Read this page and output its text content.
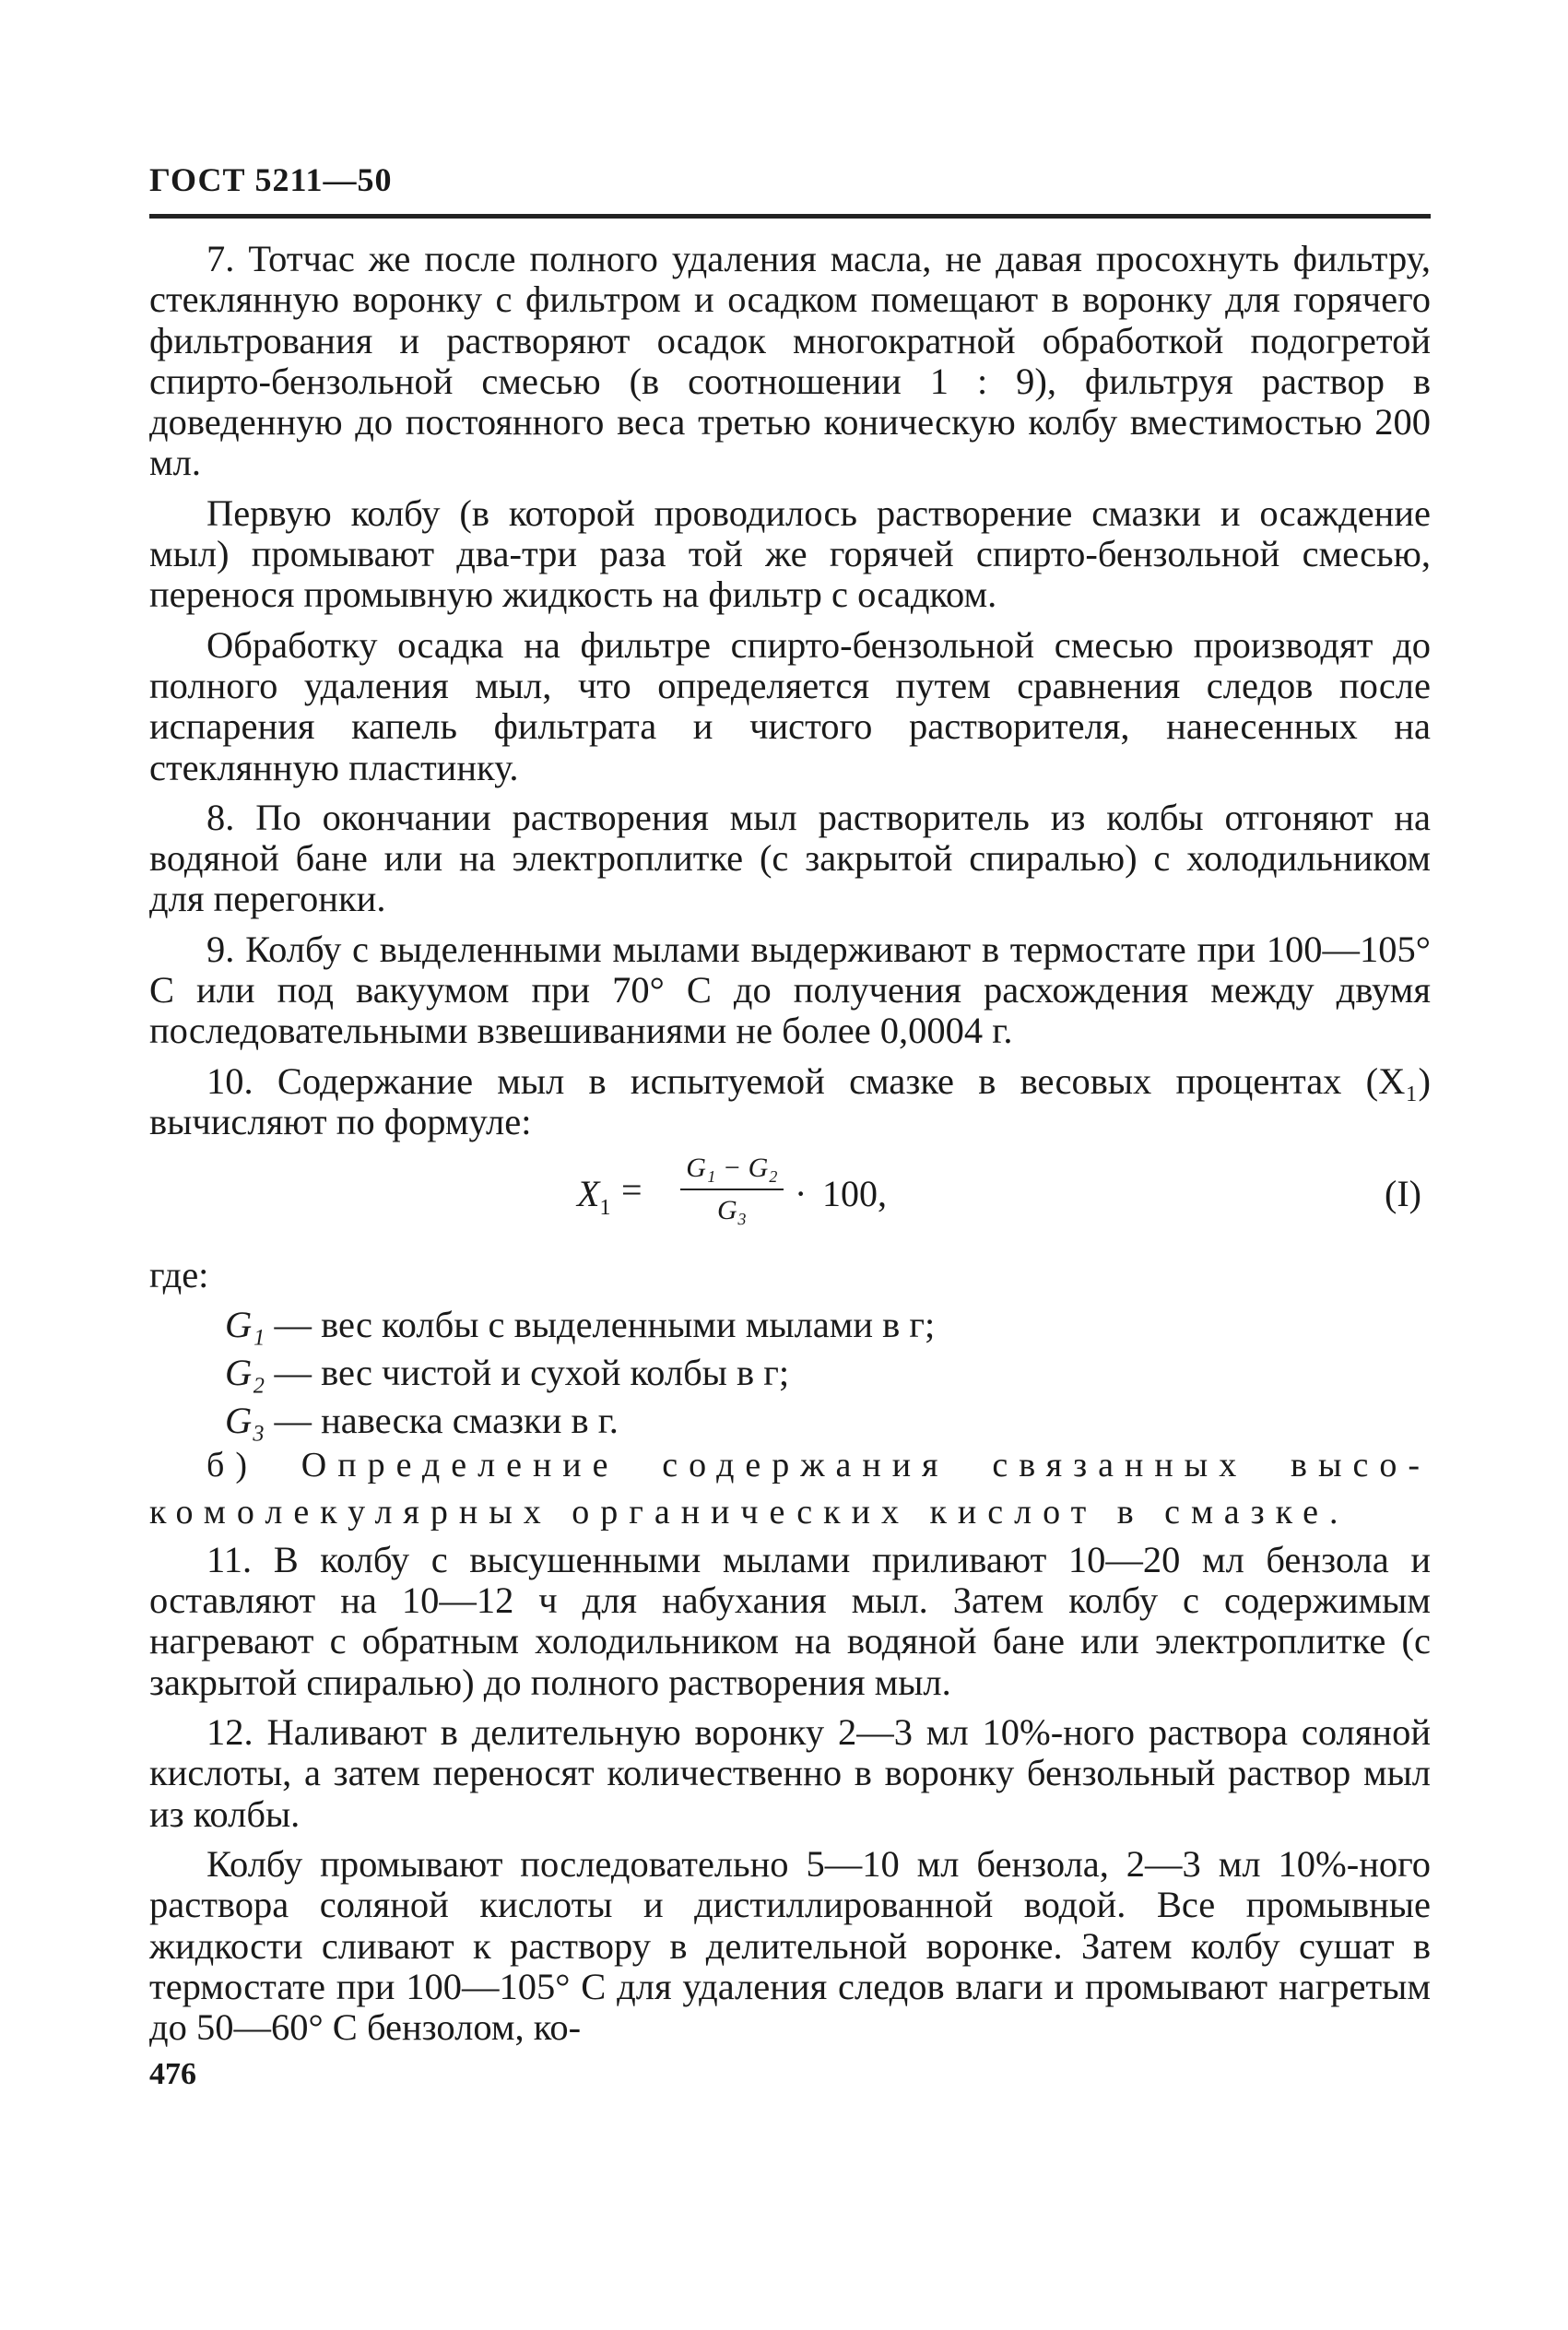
ГОСТ 5211—50

7. Тотчас же после полного удаления масла, не давая просохнуть фильтру, стеклянную воронку с фильтром и осадком помещают в воронку для горячего фильтрования и растворяют осадок многократной обработкой подогретой спирто-бензольной смесью (в соотношении 1 : 9), фильтруя раствор в доведенную до постоянного веса третью коническую колбу вместимостью 200 мл.

Первую колбу (в которой проводилось растворение смазки и осаждение мыл) промывают два-три раза той же горячей спирто-бензольной смесью, перенося промывную жидкость на фильтр с осадком.

Обработку осадка на фильтре спирто-бензольной смесью производят до полного удаления мыл, что определяется путем сравнения следов после испарения капель фильтрата и чистого растворителя, нанесенных на стеклянную пластинку.

8. По окончании растворения мыл растворитель из колбы отгоняют на водяной бане или на электроплитке (с закрытой спиралью) с холодильником для перегонки.

9. Колбу с выделенными мылами выдерживают в термостате при 100—105° С или под вакуумом при 70° С до получения расхождения между двумя последовательными взвешиваниями не более 0,0004 г.

10. Содержание мыл в испытуемой смазке в весовых процентах (X₁) вычисляют по формуле:

$X_1$ =
G₁ − G₂
G₃	· 100,	(I)

где:

G₁ — вес колбы с выделенными мылами в г;
G₂ — вес чистой и сухой колбы в г;
G₃ — навеска смазки в г.

б) Определение содержания связанных высо-

комолекулярных органических кислот в смазке.

11. В колбу с высушенными мылами приливают 10—20 мл бензола и оставляют на 10—12 ч для набухания мыл. Затем колбу с содержимым нагревают с обратным холодильником на водяной бане или электроплитке (с закрытой спиралью) до полного растворения мыл.

12. Наливают в делительную воронку 2—3 мл 10%-ного раствора соляной кислоты, а затем переносят количественно в воронку бензольный раствор мыл из колбы.

Колбу промывают последовательно 5—10 мл бензола, 2—3 мл 10%-ного раствора соляной кислоты и дистиллированной водой. Все промывные жидкости сливают к раствору в делительной воронке. Затем колбу сушат в термостате при 100—105° С для удаления следов влаги и промывают нагретым до 50—60° С бензолом, ко-

476
